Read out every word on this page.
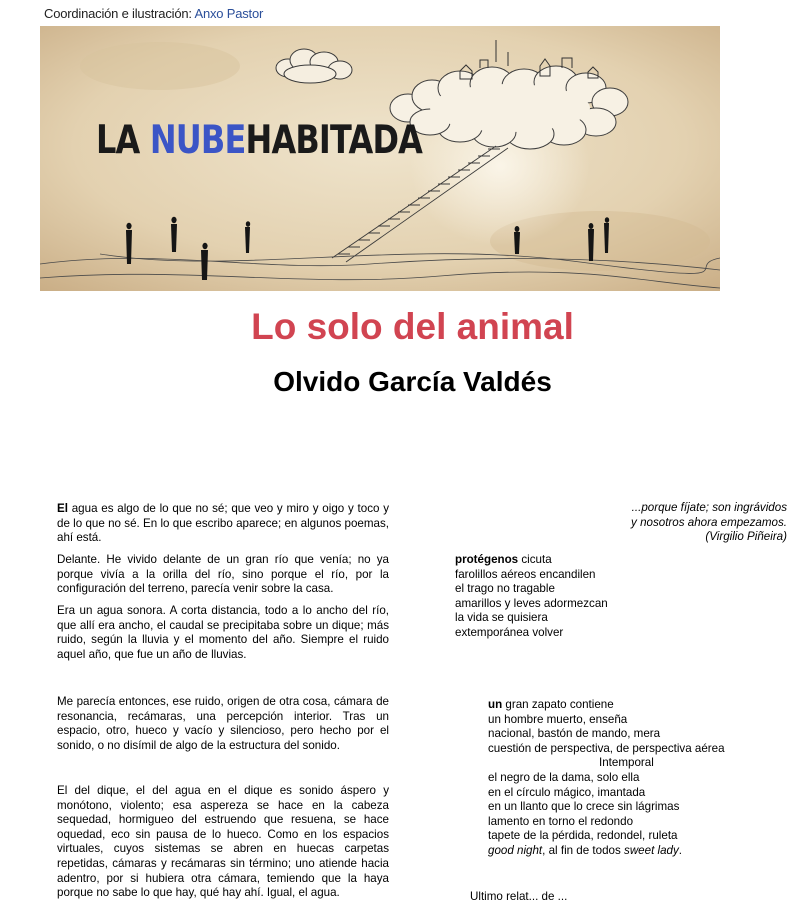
Coordinación e ilustración: Anxo Pastor
LA NUBEHABITADA
Lo solo del animal
Olvido García Valdés

El agua es algo de lo que no sé; que veo y miro y oigo y toco y de lo que no sé. En lo que escribo aparece; en algunos poemas, ahí está.

Delante. He vivido delante de un gran río que venía; no ya porque vivía a la orilla del río, sino porque el río, por la configuración del terreno, parecía venir sobre la casa.

Era un agua sonora. A corta distancia, todo a lo ancho del río, que allí era ancho, el caudal se precipitaba sobre un dique; más ruido, según la lluvia y el momento del año. Siempre el ruido aquel año, que fue un año de lluvias.

Me parecía entonces, ese ruido, origen de otra cosa, cámara de resonancia, recámaras, una percepción interior. Tras un espacio, otro, hueco y vacío y silencioso, pero hecho por el sonido, o no disímil de algo de la estructura del sonido.

El del dique, el del agua en el dique es sonido áspero y monótono, violento; esa aspereza se hace en la cabeza sequedad, hormigueo del estruendo que resuena, se hace oquedad, eco sin pausa de lo hueco. Como en los espacios virtuales, cuyos sistemas se abren en huecas carpetas repetidas, cámaras y recámaras sin término; uno atiende hacia adentro, por si hubiera otra cámara, temiendo que la haya porque no sabe lo que hay, qué hay ahí. Igual, el agua.

...porque fíjate; son ingrávidos
y nosotros ahora empezamos.
(Virgilio Piñeira)
protégenos cicuta
farolillos aéreos encandilen
el trago no tragable
amarillos y leves adormezcan
la vida se quisiera
extemporánea volver
un gran zapato contiene
un hombre muerto, enseña
nacional, bastón de mando, mera
cuestión de perspectiva, de perspectiva aérea
Intemporal
el negro de la dama, solo ella
en el círculo mágico, imantada
en un llanto que lo crece sin lágrimas
lamento en torno el redondo
tapete de la pérdida, redondel, ruleta
good night, al fin de todos sweet lady.
Ultimo relat... de ...
